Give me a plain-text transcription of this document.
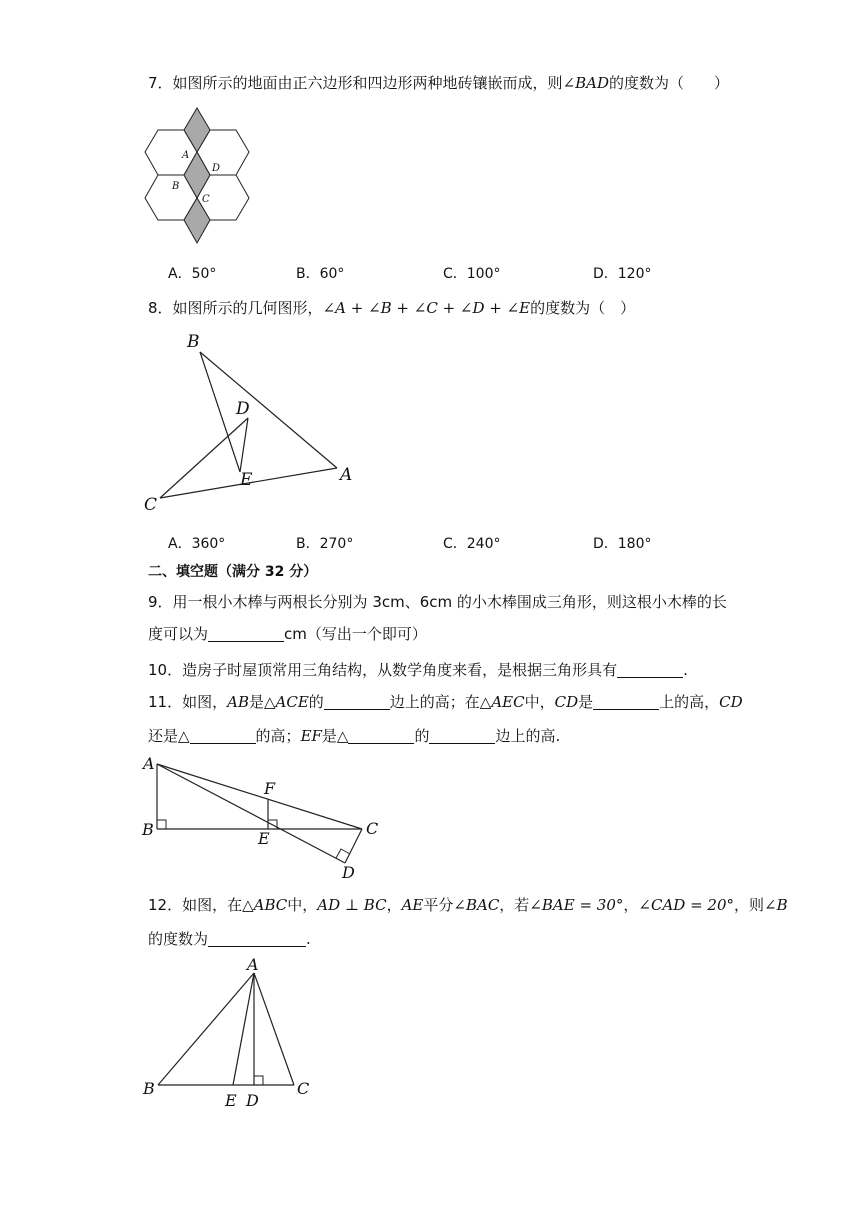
7．如图所示的地面由正六边形和四边形两种地砖镶嵌而成，则∠BAD的度数为（　　）
A
D
B
C
A．50°	B．60°	C．100°	D．120°
8．如图所示的几何图形，∠A + ∠B + ∠C + ∠D + ∠E的度数为（　）
B
D
E	A
C
A．360°	B．270°	C．240°	D．180°
二、填空题（满分 32 分）
9．用一根小木棒与两根长分别为 3cm、6cm 的小木棒围成三角形，则这根小木棒的长
度可以为	cm（写出一个即可）
10．造房子时屋顶常用三角结构，从数学角度来看，是根据三角形具有	.
11．如图，AB是△ACE的	边上的高；在△AEC中，CD是	上的高，CD
还是△	的高；EF是△	的	边上的高.
A
B	C
D
E
F
12．如图，在△ABC中，AD ⊥ BC，AE平分∠BAC，若∠BAE = 30°，∠CAD = 20°，则∠B
的度数为	.
A
B	C
E D
